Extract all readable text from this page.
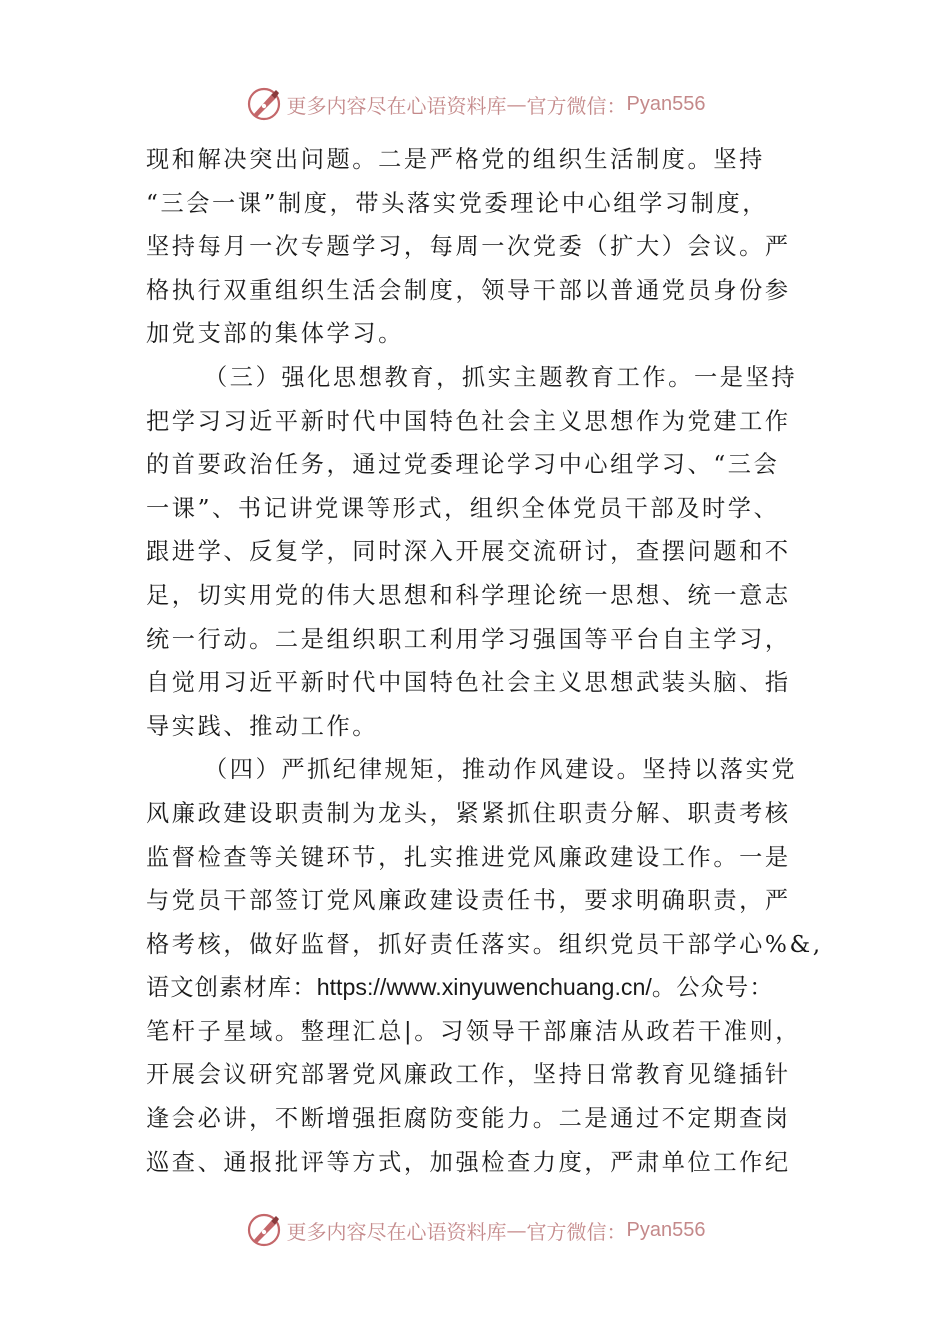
更多内容尽在心语资料库 — 官方微信： Pyan556
现和解决突出问题。二是严格党的组织生活制度。坚持
“三会一课”制度，带头落实党委理论中心组学习制度，
坚持每月一次专题学习，每周一次党委（扩大）会议。严
格执行双重组织生活会制度，领导干部以普通党员身份参
加党支部的集体学习。
（三）强化思想教育，抓实主题教育工作。一是坚持
把学习习近平新时代中国特色社会主义思想作为党建工作
的首要政治任务，通过党委理论学习中心组学习、“三会
一课”、书记讲党课等形式，组织全体党员干部及时学、
跟进学、反复学，同时深入开展交流研讨，查摆问题和不
足，切实用党的伟大思想和科学理论统一思想、统一意志
统一行动。二是组织职工利用学习强国等平台自主学习，
自觉用习近平新时代中国特色社会主义思想武装头脑、指
导实践、推动工作。
（四）严抓纪律规矩，推动作风建设。坚持以落实党
风廉政建设职责制为龙头，紧紧抓住职责分解、职责考核
监督检查等关键环节，扎实推进党风廉政建设工作。一是
与党员干部签订党风廉政建设责任书，要求明确职责，严
格考核，做好监督，抓好责任落实。组织党员干部学心%&,
语文创素材库：https://www.xinyuwenchuang.cn/。公众号：
笔杆子星域。整理汇总|。习领导干部廉洁从政若干准则，
开展会议研究部署党风廉政工作，坚持日常教育见缝插针
逢会必讲，不断增强拒腐防变能力。二是通过不定期查岗
巡查、通报批评等方式，加强检查力度，严肃单位工作纪
更多内容尽在心语资料库 — 官方微信： Pyan556
